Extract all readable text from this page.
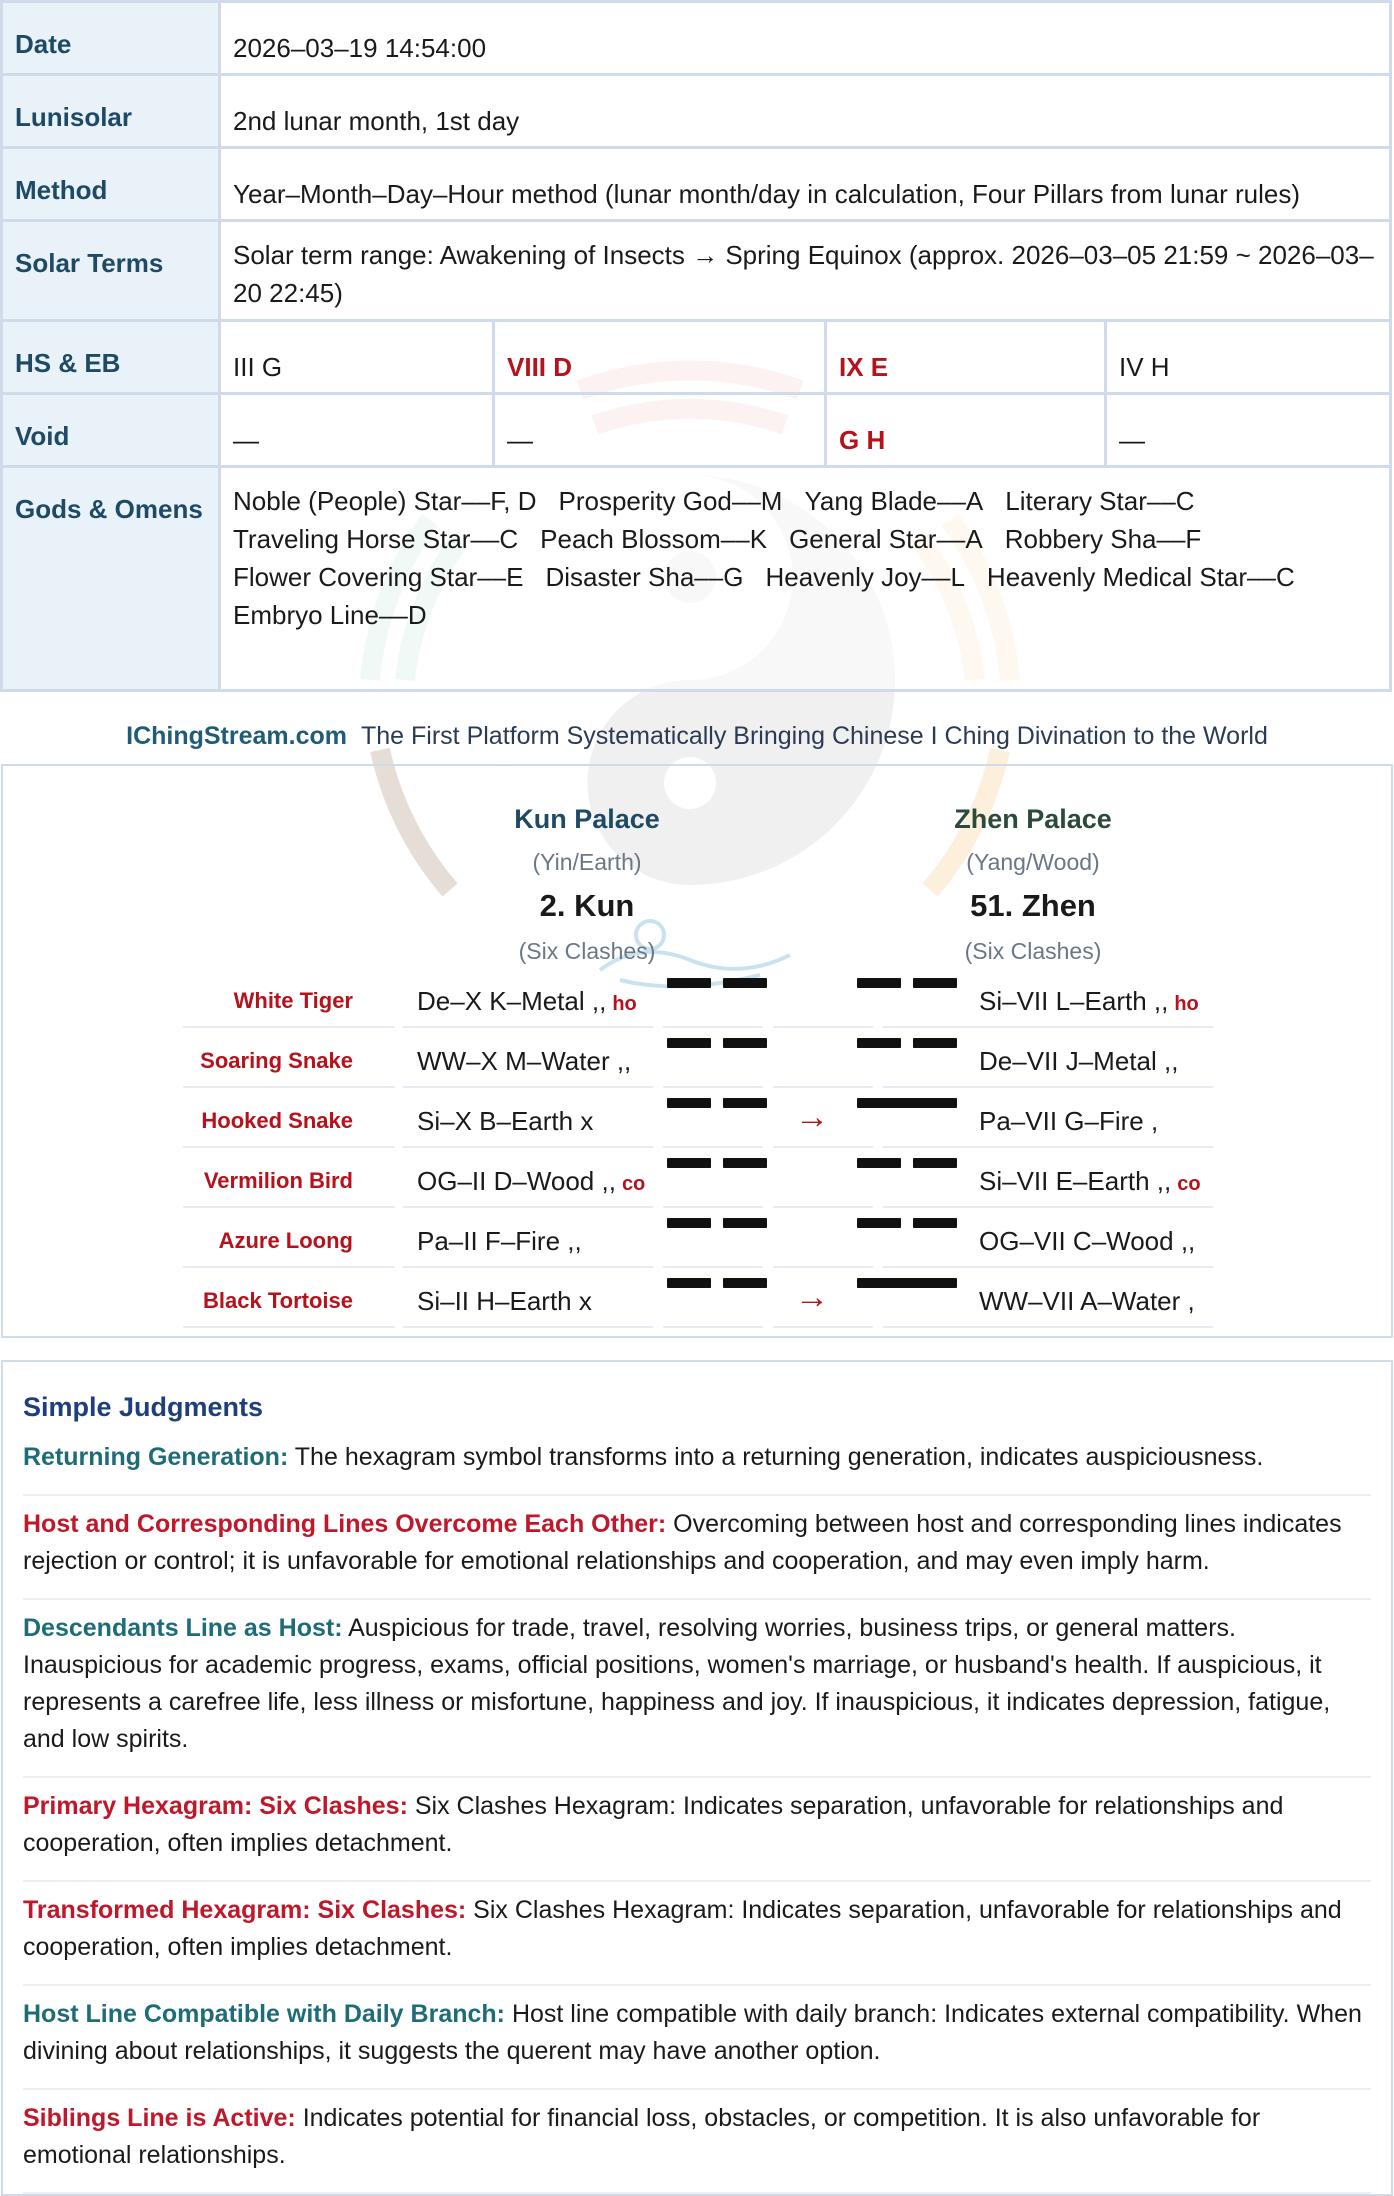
Date	2026–03–19 14:54:00			
Lunisolar	2nd lunar month, 1st day			
Method	Year–Month–Day–Hour method (lunar month/day in calculation, Four Pillars from lunar rules)			
Solar Terms	Solar term range: Awakening of Insects → Spring Equinox (approx. 2026–03–05 21:59 ~ 2026–03–20 22:45)			
HS & EB	III G	VIII D	IX E	IV H
Void	—	—	G H	—
Gods & Omens	Noble (People) Star––F, D Prosperity God––M Yang Blade––A Literary Star––CTraveling Horse Star––C Peach Blossom––K General Star––A Robbery Sha––FFlower Covering Star––E Disaster Sha––G Heavenly Joy––L Heavenly Medical Star––CEmbryo Line––D			
IChingStream.com The First Platform Systematically Bringing Chinese I Ching Divination to the World
Kun Palace
(Yin/Earth)
2. Kun
(Six Clashes)
Zhen Palace
(Yang/Wood)
51. Zhen
(Six Clashes)
White Tiger De–X K–Metal ,, ho	Si–VII L–Earth ,, ho
Soaring Snake WW–X M–Water ,,	De–VII J–Metal ,,
Hooked Snake Si–X B–Earth x	→	Pa–VII G–Fire ,
Vermilion Bird OG–II D–Wood ,, co	Si–VII E–Earth ,, co
Azure Loong Pa–II F–Fire ,,	OG–VII C–Wood ,,
Black Tortoise Si–II H–Earth x	→	WW–VII A–Water ,
Simple Judgments
Returning Generation: The hexagram symbol transforms into a returning generation, indicates auspiciousness.
Host and Corresponding Lines Overcome Each Other: Overcoming between host and corresponding lines indicates rejection or control; it is unfavorable for emotional relationships and cooperation, and may even imply harm.
Descendants Line as Host: Auspicious for trade, travel, resolving worries, business trips, or general matters. Inauspicious for academic progress, exams, official positions, women's marriage, or husband's health. If auspicious, it represents a carefree life, less illness or misfortune, happiness and joy. If inauspicious, it indicates depression, fatigue, and low spirits.
Primary Hexagram: Six Clashes: Six Clashes Hexagram: Indicates separation, unfavorable for relationships and cooperation, often implies detachment.
Transformed Hexagram: Six Clashes: Six Clashes Hexagram: Indicates separation, unfavorable for relationships and cooperation, often implies detachment.
Host Line Compatible with Daily Branch: Host line compatible with daily branch: Indicates external compatibility. When divining about relationships, it suggests the querent may have another option.
Siblings Line is Active: Indicates potential for financial loss, obstacles, or competition. It is also unfavorable for emotional relationships.
